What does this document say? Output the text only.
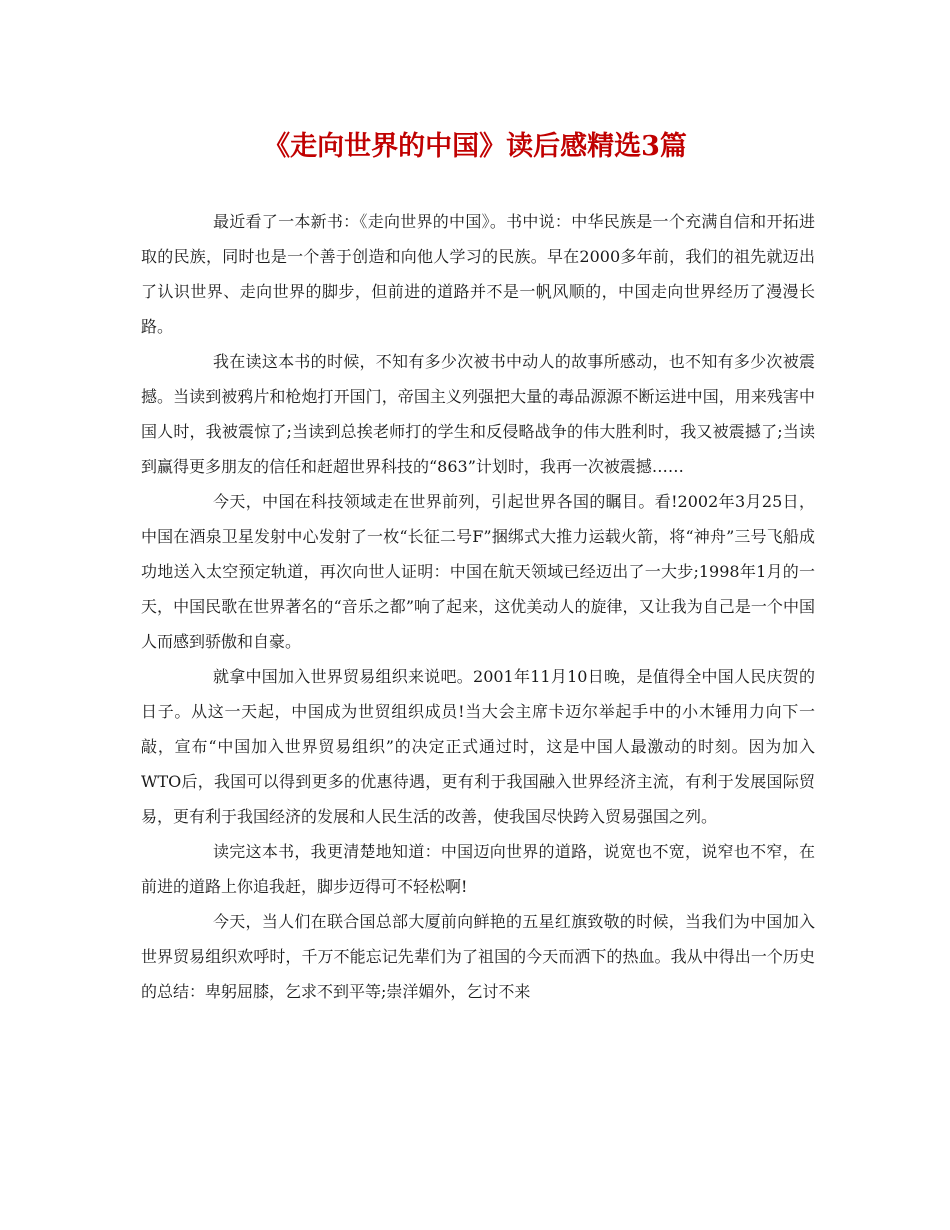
《走向世界的中国》读后感精选3篇

最近看了一本新书：《走向世界的中国》。书中说：中华民族是一个充满自信和开拓进取的民族，同时也是一个善于创造和向他人学习的民族。早在2000多年前，我们的祖先就迈出了认识世界、走向世界的脚步，但前进的道路并不是一帆风顺的，中国走向世界经历了漫漫长路。

我在读这本书的时候，不知有多少次被书中动人的故事所感动，也不知有多少次被震撼。当读到被鸦片和枪炮打开国门，帝国主义列强把大量的毒品源源不断运进中国，用来残害中国人时，我被震惊了;当读到总挨老师打的学生和反侵略战争的伟大胜利时，我又被震撼了;当读到赢得更多朋友的信任和赶超世界科技的“863”计划时，我再一次被震撼……

今天，中国在科技领域走在世界前列，引起世界各国的瞩目。看!2002年3月25日，中国在酒泉卫星发射中心发射了一枚“长征二号F”捆绑式大推力运载火箭，将“神舟”三号飞船成功地送入太空预定轨道，再次向世人证明：中国在航天领域已经迈出了一大步;1998年1月的一天，中国民歌在世界著名的“音乐之都”响了起来，这优美动人的旋律，又让我为自己是一个中国人而感到骄傲和自豪。

就拿中国加入世界贸易组织来说吧。2001年11月10日晚，是值得全中国人民庆贺的日子。从这一天起，中国成为世贸组织成员!当大会主席卡迈尔举起手中的小木锤用力向下一敲，宣布“中国加入世界贸易组织”的决定正式通过时，这是中国人最激动的时刻。因为加入WTO后，我国可以得到更多的优惠待遇，更有利于我国融入世界经济主流，有利于发展国际贸易，更有利于我国经济的发展和人民生活的改善，使我国尽快跨入贸易强国之列。

读完这本书，我更清楚地知道：中国迈向世界的道路，说宽也不宽，说窄也不窄，在前进的道路上你追我赶，脚步迈得可不轻松啊!

今天，当人们在联合国总部大厦前向鲜艳的五星红旗致敬的时候，当我们为中国加入世界贸易组织欢呼时，千万不能忘记先辈们为了祖国的今天而洒下的热血。我从中得出一个历史的总结：卑躬屈膝，乞求不到平等;崇洋媚外，乞讨不来
